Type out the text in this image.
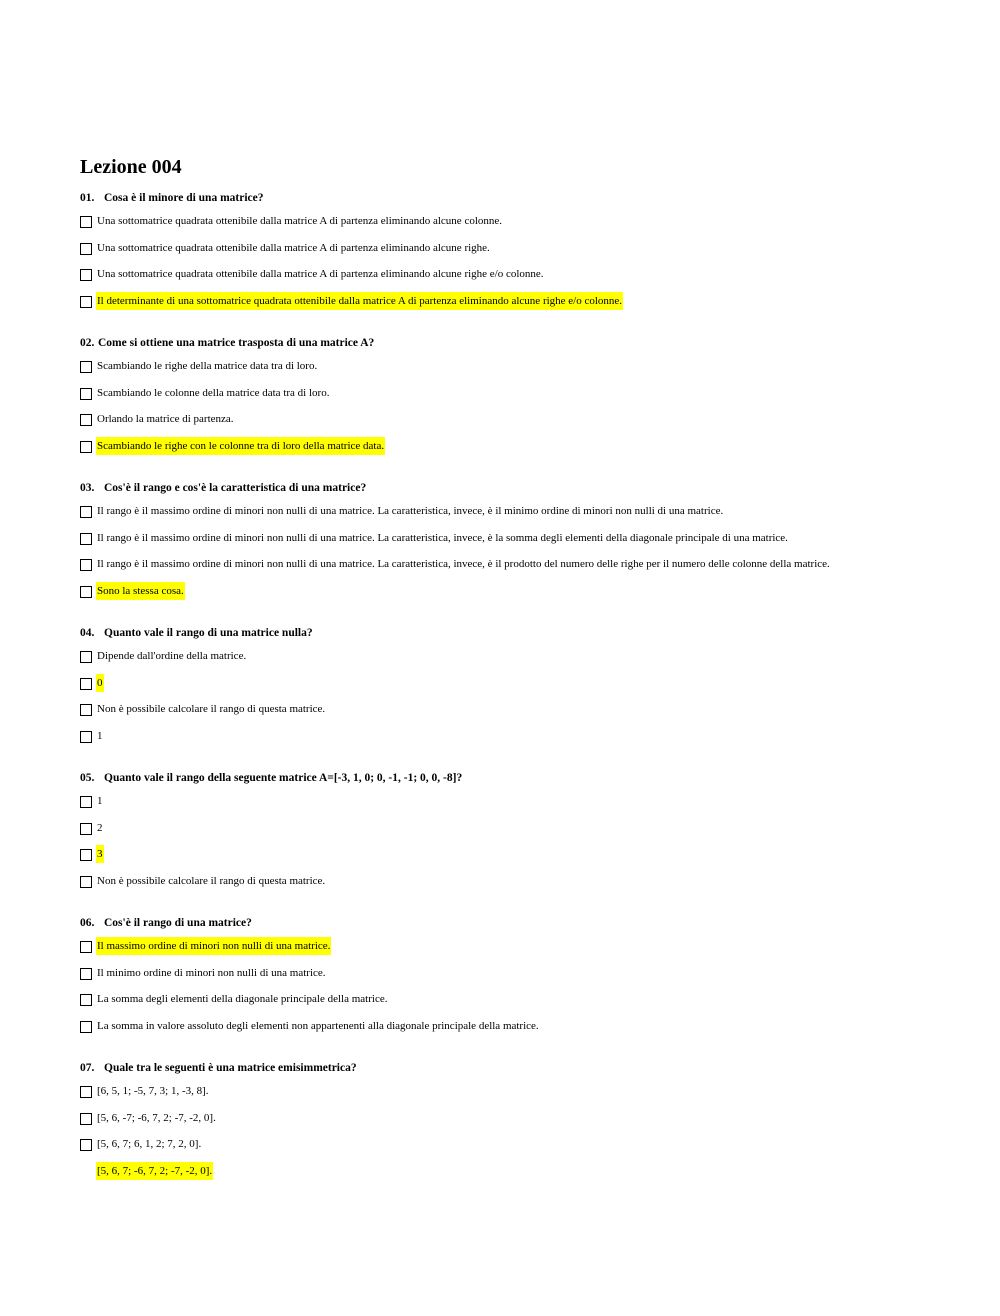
Lezione 004
01. Cosa è il minore di una matrice?
Una sottomatrice quadrata ottenibile dalla matrice A di partenza eliminando alcune colonne.
Una sottomatrice quadrata ottenibile dalla matrice A di partenza eliminando alcune righe.
Una sottomatrice quadrata ottenibile dalla matrice A di partenza eliminando alcune righe e/o colonne.
Il determinante di una sottomatrice quadrata ottenibile dalla matrice A di partenza eliminando alcune righe e/o colonne.
02. Come si ottiene una matrice trasposta di una matrice A?
Scambiando le righe della matrice data tra di loro.
Scambiando le colonne della matrice data tra di loro.
Orlando la matrice di partenza.
Scambiando le righe con le colonne tra di loro della matrice data.
03. Cos'è il rango e cos'è la caratteristica di una matrice?
Il rango è il massimo ordine di minori non nulli di una matrice. La caratteristica, invece, è il minimo ordine di minori non nulli di una matrice.
Il rango è il massimo ordine di minori non nulli di una matrice. La caratteristica, invece, è la somma degli elementi della diagonale principale di una matrice.
Il rango è il massimo ordine di minori non nulli di una matrice. La caratteristica, invece, è il prodotto del numero delle righe per il numero delle colonne della matrice.
Sono la stessa cosa.
04. Quanto vale il rango di una matrice nulla?
Dipende dall'ordine della matrice.
0
Non è possibile calcolare il rango di questa matrice.
1
05. Quanto vale il rango della seguente matrice A=[-3, 1, 0; 0, -1, -1; 0, 0, -8]?
1
2
3
Non è possibile calcolare il rango di questa matrice.
06. Cos'è il rango di una matrice?
Il massimo ordine di minori non nulli di una matrice.
Il minimo ordine di minori non nulli di una matrice.
La somma degli elementi della diagonale principale della matrice.
La somma in valore assoluto degli elementi non appartenenti alla diagonale principale della matrice.
07. Quale tra le seguenti è una matrice emisimmetrica?
[6, 5, 1; -5, 7, 3; 1, -3, 8].
[5, 6, -7; -6, 7, 2; -7, -2, 0].
[5, 6, 7; 6, 1, 2; 7, 2, 0].
[5, 6, 7; -6, 7, 2; -7, -2, 0].
